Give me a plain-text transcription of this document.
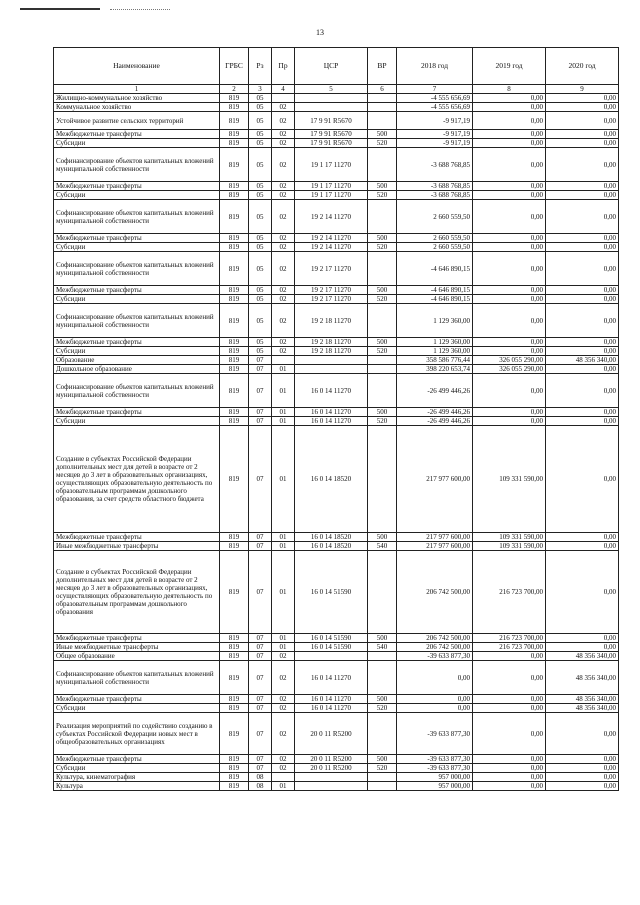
13
Наименование	ГРБС	Рз	Пр	ЦСР	ВР	2018 год	2019 год	2020 год
1	2	3	4	5	6	7	8	9
Жилищно-коммунальное хозяйство	819	05				-4 555 656,69	0,00	0,00
Коммунальное хозяйство	819	05	02			-4 555 656,69	0,00	0,00
Устойчивое развитие сельских территорий	819	05	02	17 9 91 R5670		-9 917,19	0,00	0,00
Межбюджетные трансферты	819	05	02	17 9 91 R5670	500	-9 917,19	0,00	0,00
Субсидии	819	05	02	17 9 91 R5670	520	-9 917,19	0,00	0,00
Софинансирование объектов капитальных вложений муниципальной собственности	819	05	02	19 1 17 11270		-3 688 768,85	0,00	0,00
Межбюджетные трансферты	819	05	02	19 1 17 11270	500	-3 688 768,85	0,00	0,00
Субсидии	819	05	02	19 1 17 11270	520	-3 688 768,85	0,00	0,00
Софинансирование объектов капитальных вложений муниципальной собственности	819	05	02	19 2 14 11270		2 660 559,50	0,00	0,00
Межбюджетные трансферты	819	05	02	19 2 14 11270	500	2 660 559,50	0,00	0,00
Субсидии	819	05	02	19 2 14 11270	520	2 660 559,50	0,00	0,00
Софинансирование объектов капитальных вложений муниципальной собственности	819	05	02	19 2 17 11270		-4 646 890,15	0,00	0,00
Межбюджетные трансферты	819	05	02	19 2 17 11270	500	-4 646 890,15	0,00	0,00
Субсидии	819	05	02	19 2 17 11270	520	-4 646 890,15	0,00	0,00
Софинансирование объектов капитальных вложений муниципальной собственности	819	05	02	19 2 18 11270		1 129 360,00	0,00	0,00
Межбюджетные трансферты	819	05	02	19 2 18 11270	500	1 129 360,00	0,00	0,00
Субсидии	819	05	02	19 2 18 11270	520	1 129 360,00	0,00	0,00
Образование	819	07				358 586 776,44	326 055 290,00	48 356 340,00
Дошкольное образование	819	07	01			398 220 653,74	326 055 290,00	0,00
Софинансирование объектов капитальных вложений муниципальной собственности	819	07	01	16 0 14 11270		-26 499 446,26	0,00	0,00
Межбюджетные трансферты	819	07	01	16 0 14 11270	500	-26 499 446,26	0,00	0,00
Субсидии	819	07	01	16 0 14 11270	520	-26 499 446,26	0,00	0,00
Создание в субъектах Российской Федерации дополнительных мест для детей в возрасте от 2 месяцев до 3 лет в образовательных организациях, осуществляющих образовательную деятельность по образовательным программам дошкольного образования, за счет средств областного бюджета	819	07	01	16 0 14 18520		217 977 600,00	109 331 590,00	0,00
Межбюджетные трансферты	819	07	01	16 0 14 18520	500	217 977 600,00	109 331 590,00	0,00
Иные межбюджетные трансферты	819	07	01	16 0 14 18520	540	217 977 600,00	109 331 590,00	0,00
Создание в субъектах Российской Федерации дополнительных мест для детей в возрасте от 2 месяцев до 3 лет в образовательных организациях, осуществляющих образовательную деятельность по образовательным программам дошкольного образования	819	07	01	16 0 14 51590		206 742 500,00	216 723 700,00	0,00
Межбюджетные трансферты	819	07	01	16 0 14 51590	500	206 742 500,00	216 723 700,00	0,00
Иные межбюджетные трансферты	819	07	01	16 0 14 51590	540	206 742 500,00	216 723 700,00	0,00
Общее образование	819	07	02			-39 633 877,30	0,00	48 356 340,00
Софинансирование объектов капитальных вложений муниципальной собственности	819	07	02	16 0 14 11270		0,00	0,00	48 356 340,00
Межбюджетные трансферты	819	07	02	16 0 14 11270	500	0,00	0,00	48 356 340,00
Субсидии	819	07	02	16 0 14 11270	520	0,00	0,00	48 356 340,00
Реализация мероприятий по содействию созданию в субъектах Российской Федерации новых мест в общеобразовательных организациях	819	07	02	20 0 11 R5200		-39 633 877,30	0,00	0,00
Межбюджетные трансферты	819	07	02	20 0 11 R5200	500	-39 633 877,30	0,00	0,00
Субсидии	819	07	02	20 0 11 R5200	520	-39 633 877,30	0,00	0,00
Культура, кинематография	819	08				957 000,00	0,00	0,00
Культура	819	08	01			957 000,00	0,00	0,00
